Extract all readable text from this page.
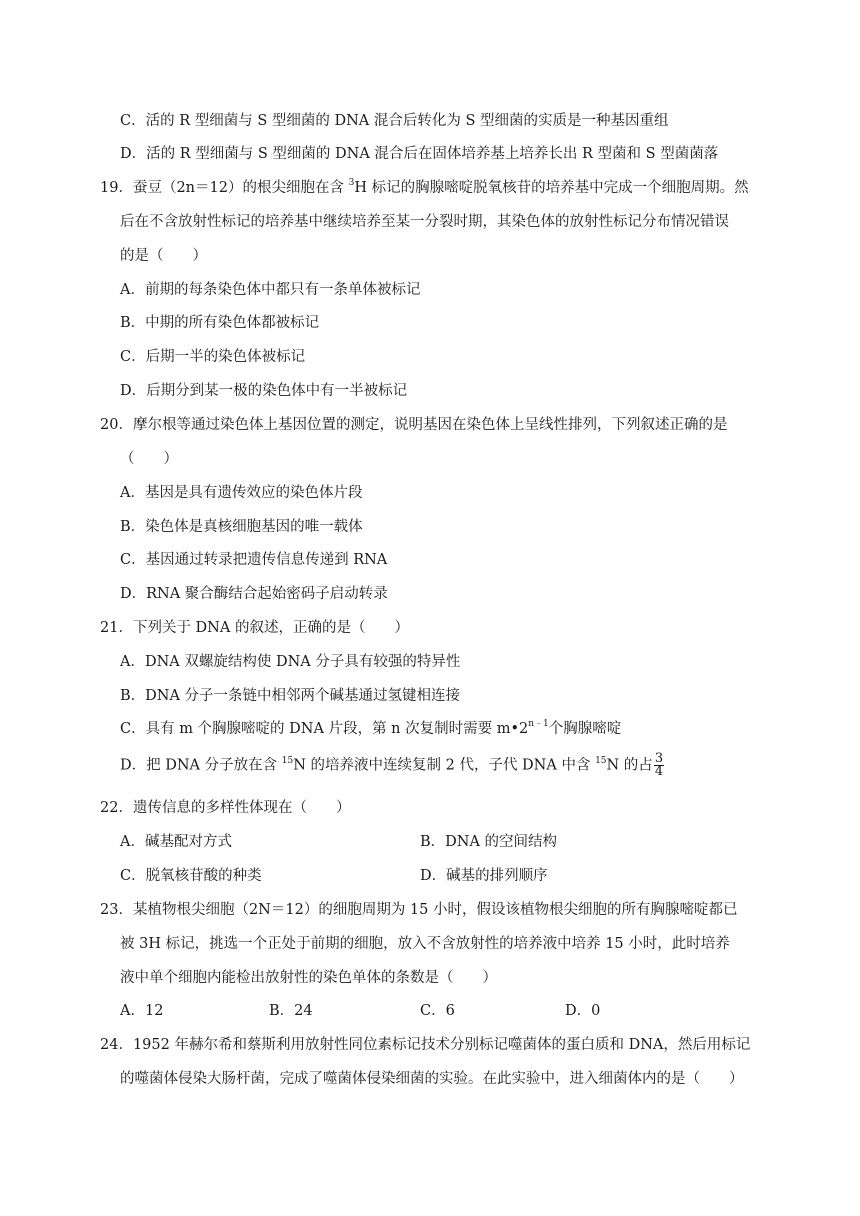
C．活的 R 型细菌与 S 型细菌的 DNA 混合后转化为 S 型细菌的实质是一种基因重组
D．活的 R 型细菌与 S 型细菌的 DNA 混合后在固体培养基上培养长出 R 型菌和 S 型菌菌落
19．蚕豆（2n＝12）的根尖细胞在含 $^3$H 标记的胸腺嘧啶脱氧核苷的培养基中完成一个细胞周期。然
后在不含放射性标记的培养基中继续培养至某一分裂时期，其染色体的放射性标记分布情况错误
的是（　　）
A．前期的每条染色体中都只有一条单体被标记
B．中期的所有染色体都被标记
C．后期一半的染色体被标记
D．后期分到某一极的染色体中有一半被标记
20．摩尔根等通过染色体上基因位置的测定，说明基因在染色体上呈线性排列，下列叙述正确的是
（　　）
A．基因是具有遗传效应的染色体片段
B．染色体是真核细胞基因的唯一载体
C．基因通过转录把遗传信息传递到 RNA
D．RNA 聚合酶结合起始密码子启动转录
21．下列关于 DNA 的叙述，正确的是（　　）
A．DNA 双螺旋结构使 DNA 分子具有较强的特异性
B．DNA 分子一条链中相邻两个碱基通过氢键相连接
C．具有 m 个胸腺嘧啶的 DNA 片段，第 n 次复制时需要 $m•2^{n﹣1}$个胸腺嘧啶
D．把 DNA 分子放在含 $^{15}$N 的培养液中连续复制 2 代，子代 DNA 中含 $^{15}$N 的占 $\frac{3}{4}$
22．遗传信息的多样性体现在（　　）
A．碱基配对方式	B．DNA 的空间结构
C．脱氧核苷酸的种类	D．碱基的排列顺序
23．某植物根尖细胞（2N＝12）的细胞周期为 15 小时，假设该植物根尖细胞的所有胸腺嘧啶都已
被 3H 标记，挑选一个正处于前期的细胞，放入不含放射性的培养液中培养 15 小时，此时培养
液中单个细胞内能检出放射性的染色单体的条数是（　　）
A．12	B．24	C．6	D．0
24．1952 年赫尔希和蔡斯利用放射性同位素标记技术分别标记噬菌体的蛋白质和 DNA，然后用标记
的噬菌体侵染大肠杆菌，完成了噬菌体侵染细菌的实验。在此实验中，进入细菌体内的是（　　）
